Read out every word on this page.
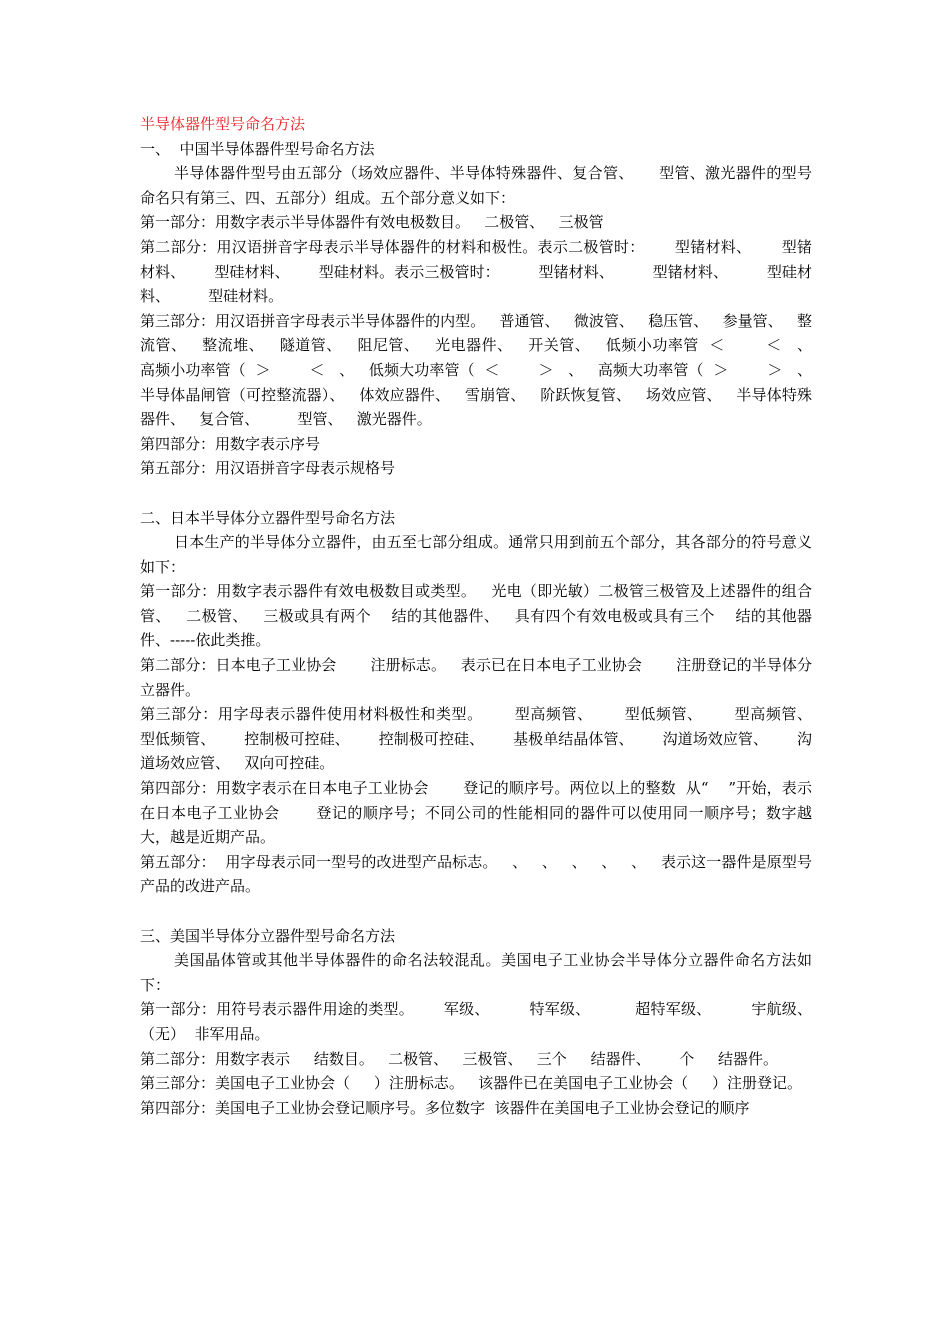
半导体器件型号命名方法
一、  中国半导体器件型号命名方法
半导体器件型号由五部分（场效应器件、半导体特殊器件、复合管、     型管、激光器件的型号命名只有第三、四、五部分）组成。五个部分意义如下：
第一部分：用数字表示半导体器件有效电极数目。   二极管、   三极管
第二部分：用汉语拼音字母表示半导体器件的材料和极性。表示二极管时：      型锗材料、      型锗材料、      型硅材料、      型硅材料。表示三极管时：        型锗材料、        型锗材料、        型硅材料、        型硅材料。
第三部分：用汉语拼音字母表示半导体器件的内型。   普通管、   微波管、   稳压管、   参量管、   整流管、   整流堆、   隧道管、   阻尼管、   光电器件、   开关管、   低频小功率管  ＜        ＜   、   高频小功率管（  ＞        ＜   、   低频大功率管（  ＜        ＞   、   高频大功率管（  ＞        ＞   、   半导体晶闸管（可控整流器）、   体效应器件、   雪崩管、   阶跃恢复管、   场效应管、   半导体特殊器件、   复合管、        型管、   激光器件。
第四部分：用数字表示序号
第五部分：用汉语拼音字母表示规格号
二、日本半导体分立器件型号命名方法
日本生产的半导体分立器件，由五至七部分组成。通常只用到前五个部分，其各部分的符号意义如下：
第一部分：用数字表示器件有效电极数目或类型。   光电（即光敏）二极管三极管及上述器件的组合管、   二极管、   三极或具有两个    结的其他器件、   具有四个有效电极或具有三个    结的其他器件、-----依此类推。
第二部分：日本电子工业协会       注册标志。   表示已在日本电子工业协会       注册登记的半导体分立器件。
第三部分：用字母表示器件使用材料极性和类型。      型高频管、      型低频管、      型高频管、      型低频管、      控制极可控硅、      控制极可控硅、      基极单结晶体管、      沟道场效应管、      沟道场效应管、   双向可控硅。
第四部分：用数字表示在日本电子工业协会       登记的顺序号。两位以上的整数  从“    ”开始，表示在日本电子工业协会       登记的顺序号；不同公司的性能相同的器件可以使用同一顺序号；数字越大，越是近期产品。
第五部分：  用字母表示同一型号的改进型产品标志。   、   、   、   、   、   表示这一器件是原型号产品的改进产品。
三、美国半导体分立器件型号命名方法
美国晶体管或其他半导体器件的命名法较混乱。美国电子工业协会半导体分立器件命名方法如下：
第一部分：用符号表示器件用途的类型。      军级、        特军级、         超特军级、        宇航级、（无）  非军用品。
第二部分：用数字表示     结数目。   二极管、   三极管、   三个     结器件、      个     结器件。
第三部分：美国电子工业协会（     ）注册标志。   该器件已在美国电子工业协会（     ）注册登记。
第四部分：美国电子工业协会登记顺序号。多位数字  该器件在美国电子工业协会登记的顺序
